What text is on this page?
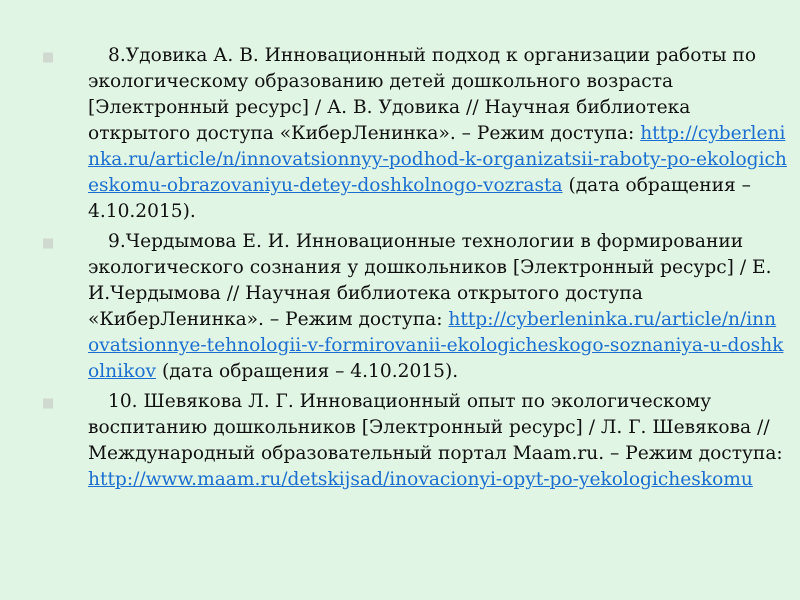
■	8.Удовика А. В. Инновационный подход к организации работы по экологическому образованию детей дошкольного возраста [Электронный ресурс] / А. В. Удовика // Научная библиотека открытого доступа «КиберЛенинка». – Режим доступа: http://cyberleninka.ru/article/n/innovatsionnyy-podhod-k-organizatsii-raboty-po-ekologicheskomu-obrazovaniyu-detey-doshkolnogo-vozrasta (дата обращения –4.10.2015).
■	9.Чердымова Е. И. Инновационные технологии в формировании экологического сознания у дошкольников [Электронный ресурс] / Е. И.Чердымова // Научная библиотека открытого доступа «КиберЛенинка». – Режим доступа: http://cyberleninka.ru/article/n/innovatsionnye-tehnologii-v-formirovanii-ekologicheskogo-soznaniya-u-doshkolnikov (дата обращения – 4.10.2015).
■	10. Шевякова Л. Г. Инновационный опыт по экологическому воспитанию дошкольников [Электронный ресурс] / Л. Г. Шевякова // Международный образовательный портал Maam.ru. – Режим доступа: http://www.maam.ru/detskijsad/inovacionyi-opyt-po-yekologicheskomu
